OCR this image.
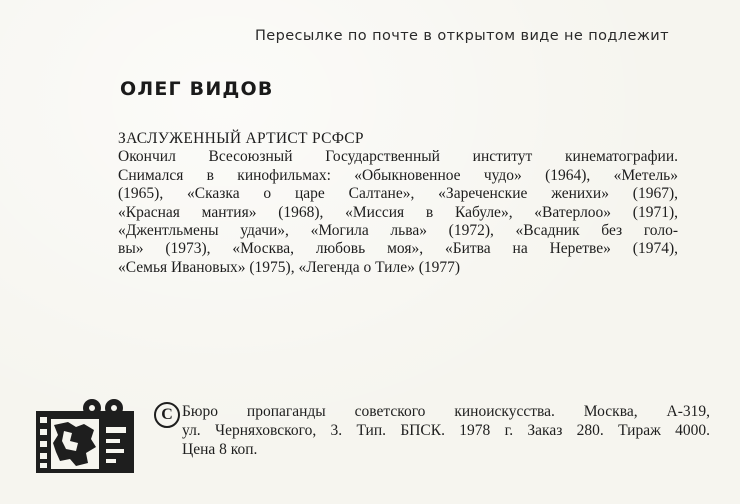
Пересылке по почте в открытом виде не подлежит
ОЛЕГ ВИДОВ
ЗАСЛУЖЕННЫЙ АРТИСТ РСФСР
Окончил Всесоюзный Государственный институт кинематографии.
Снимался в кинофильмах: «Обыкновенное чудо» (1964), «Метель»
(1965), «Сказка о царе Салтане», «Зареченские женихи» (1967),
«Красная мантия» (1968), «Миссия в Кабуле», «Ватерлоо» (1971),
«Джентльмены удачи», «Могила льва» (1972), «Всадник без голо-
вы» (1973), «Москва, любовь моя», «Битва на Неретве» (1974),
«Семья Ивановых» (1975), «Легенда о Тиле» (1977)
C Бюро пропаганды советского киноискусства. Москва, А-319,
ул. Черняховского, 3. Тип. БПСК. 1978 г. Заказ 280. Тираж 4000.
Цена 8 коп.
